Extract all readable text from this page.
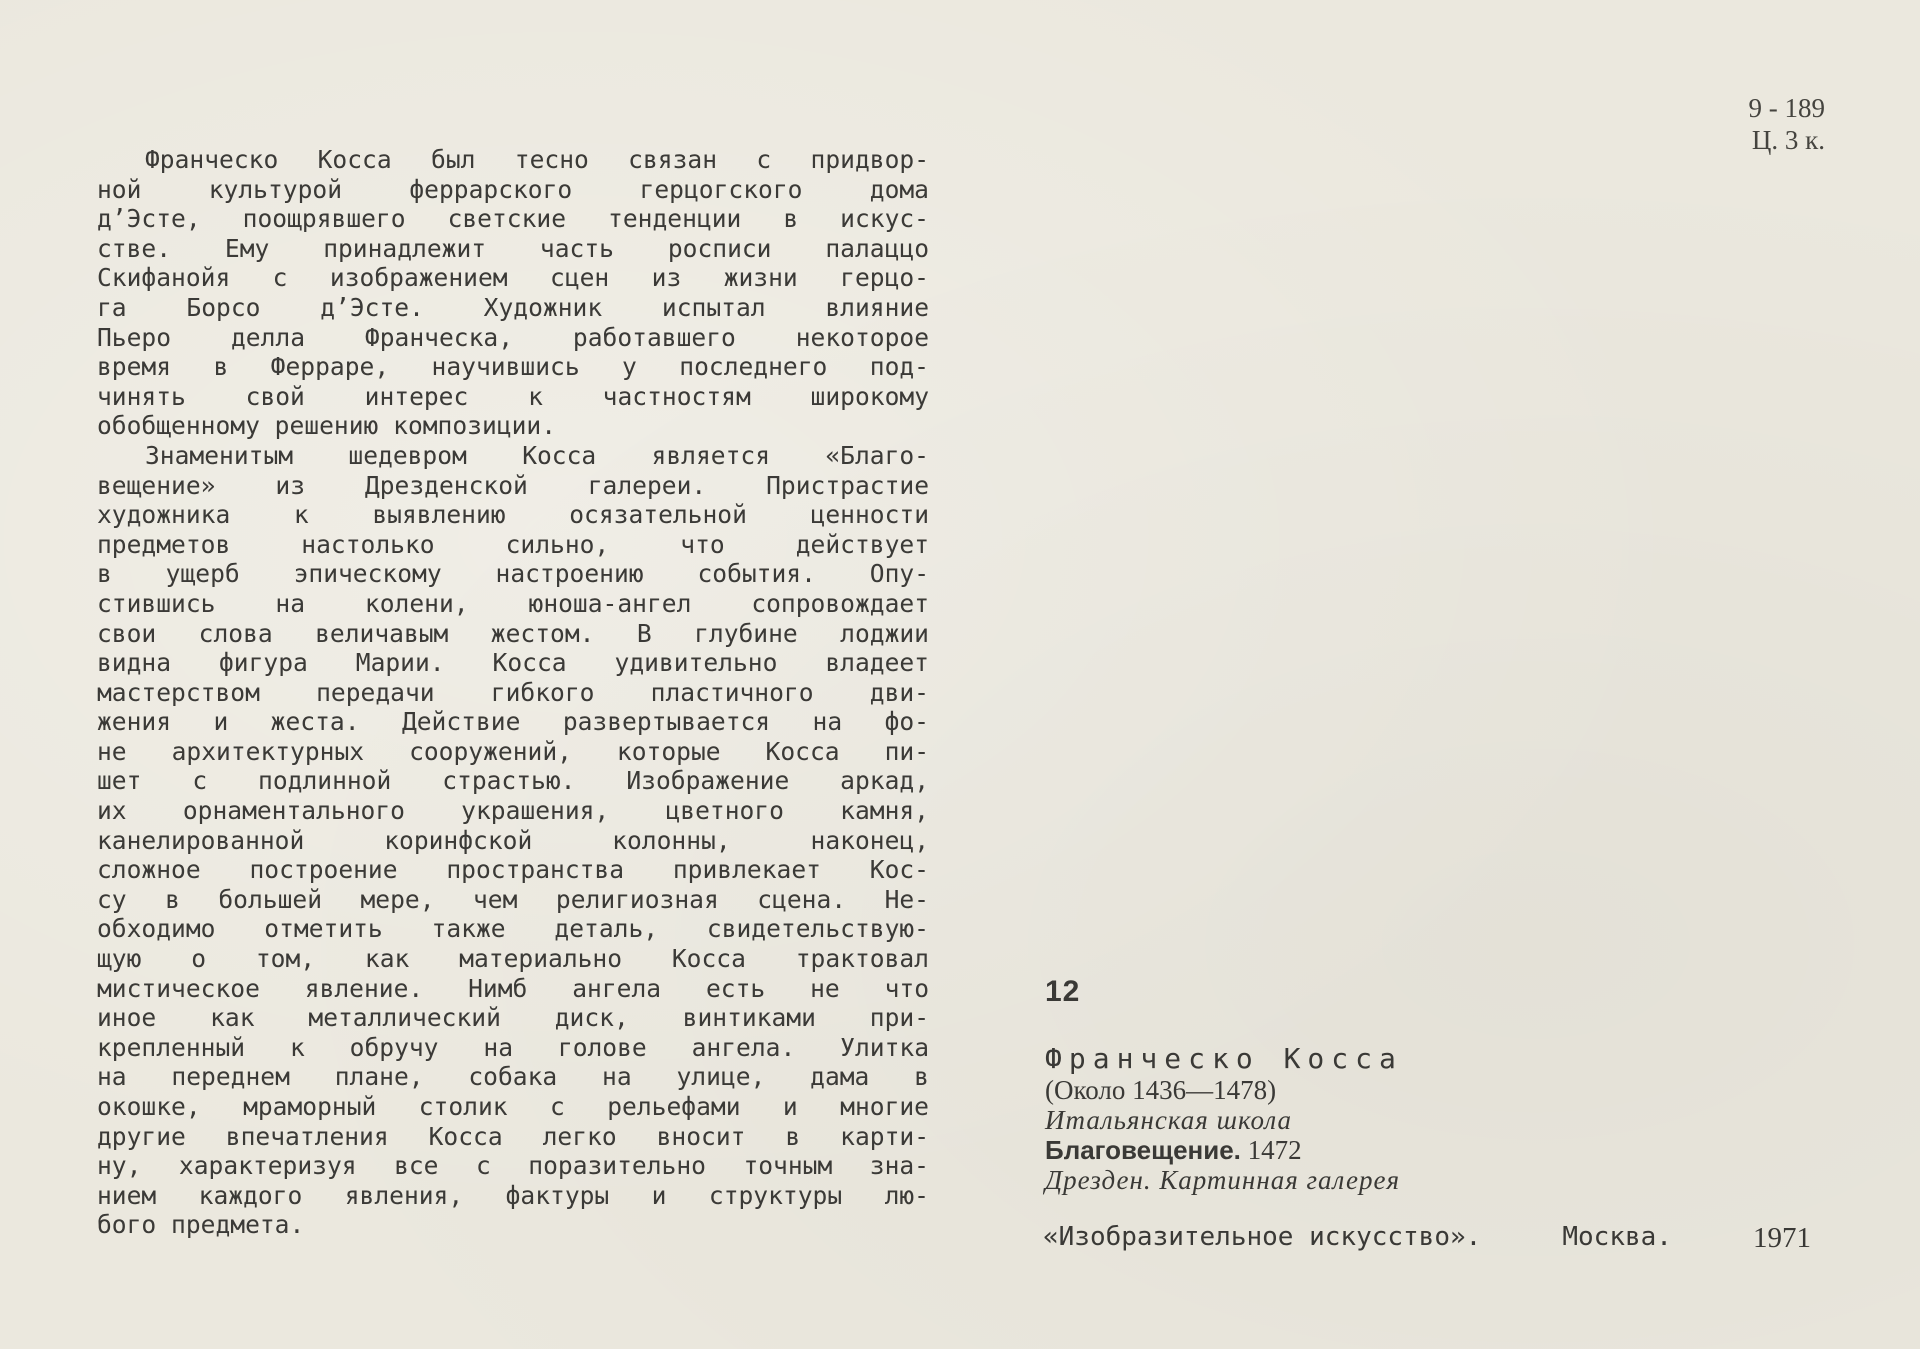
9 - 189
Ц. 3 к.
Франческо Косса был тесно связан с придвор-
ной культурой феррарского герцогского дома
д’Эсте, поощрявшего светские тенденции в искус-
стве. Ему принадлежит часть росписи палаццо
Скифанойя с изображением сцен из жизни герцо-
га Борсо д’Эсте. Художник испытал влияние
Пьеро делла Франческа, работавшего некоторое
время в Ферраре, научившись у последнего под-
чинять свой интерес к частностям широкому
обобщенному решению композиции.
Знаменитым шедевром Косса является «Благо-
вещение» из Дрезденской галереи. Пристрастие
художника к выявлению осязательной ценности
предметов настолько сильно, что действует
в ущерб эпическому настроению события. Опу-
стившись на колени, юноша-ангел сопровождает
свои слова величавым жестом. В глубине лоджии
видна фигура Марии. Косса удивительно владеет
мастерством передачи гибкого пластичного дви-
жения и жеста. Действие развертывается на фо-
не архитектурных сооружений, которые Косса пи-
шет с подлинной страстью. Изображение аркад,
их орнаментального украшения, цветного камня,
канелированной коринфской колонны, наконец,
сложное построение пространства привлекает Кос-
су в большей мере, чем религиозная сцена. Не-
обходимо отметить также деталь, свидетельствую-
щую о том, как материально Косса трактовал
мистическое явление. Нимб ангела есть не что
иное как металлический диск, винтиками при-
крепленный к обручу на голове ангела. Улитка
на переднем плане, собака на улице, дама в
окошке, мраморный столик с рельефами и многие
другие впечатления Косса легко вносит в карти-
ну, характеризуя все с поразительно точным зна-
нием каждого явления, фактуры и структуры лю-
бого предмета.
12
Франческо Косса
(Около 1436—1478)
Итальянская школа
Благовещение. 1472
Дрезден. Картинная галерея
«Изобразительное искусство».	Москва.	1971
